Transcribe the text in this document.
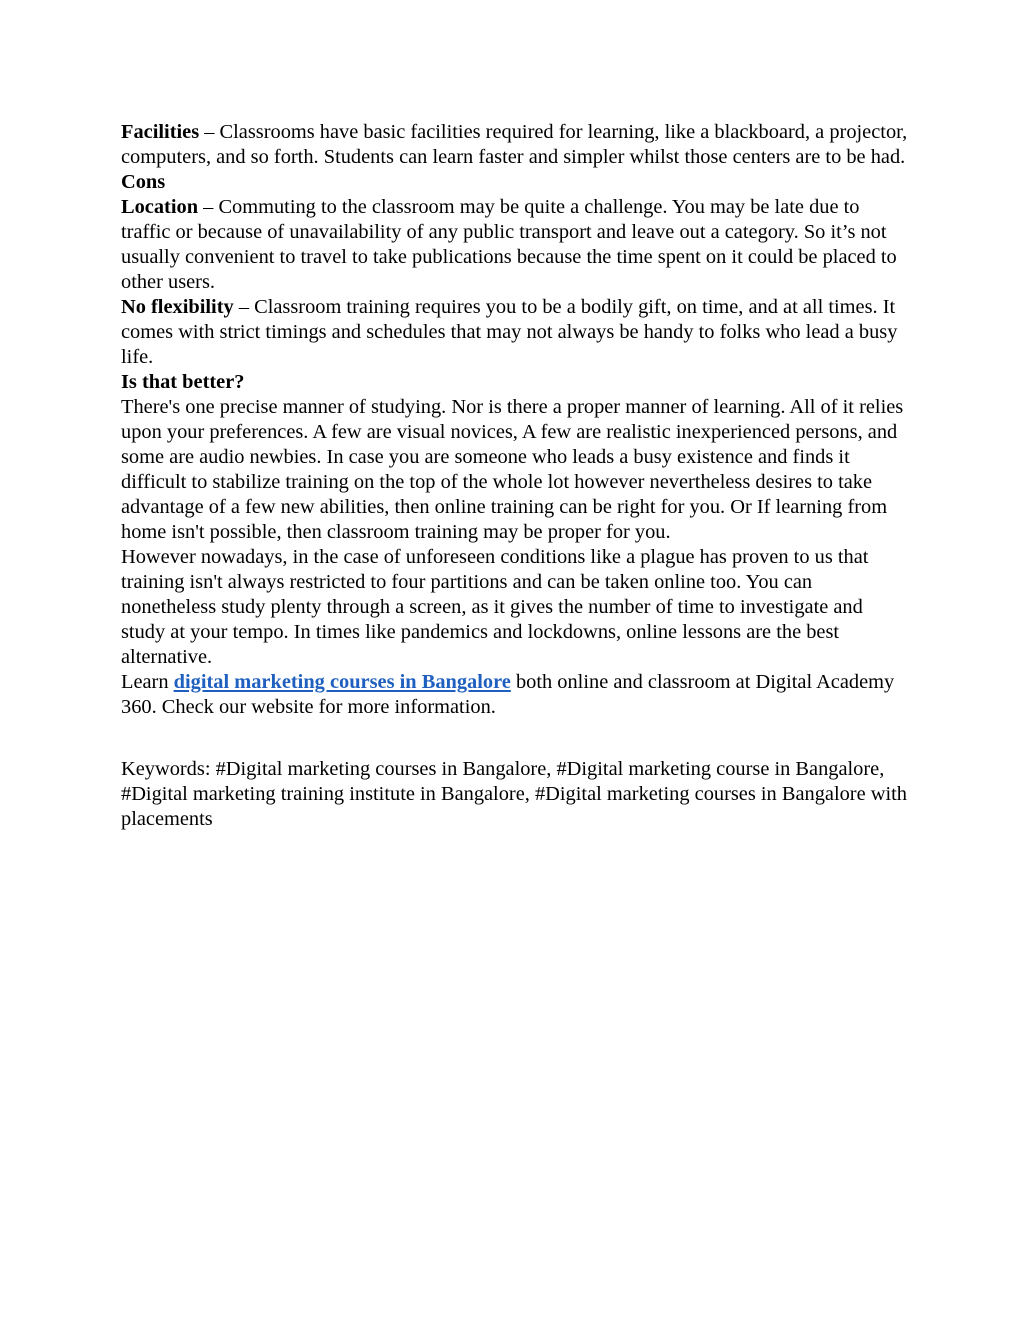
Facilities – Classrooms have basic facilities required for learning, like a blackboard, a projector, computers, and so forth. Students can learn faster and simpler whilst those centers are to be had.

Cons

Location – Commuting to the classroom may be quite a challenge. You may be late due to traffic or because of unavailability of any public transport and leave out a category. So it’s not usually convenient to travel to take publications because the time spent on it could be placed to other users.

No flexibility – Classroom training requires you to be a bodily gift, on time, and at all times. It comes with strict timings and schedules that may not always be handy to folks who lead a busy life.

Is that better?

There's one precise manner of studying. Nor is there a proper manner of learning. All of it relies upon your preferences. A few are visual novices, A few are realistic inexperienced persons, and some are audio newbies. In case you are someone who leads a busy existence and finds it difficult to stabilize training on the top of the whole lot however nevertheless desires to take advantage of a few new abilities, then online training can be right for you. Or If learning from home isn't possible, then classroom training may be proper for you.

However nowadays, in the case of unforeseen conditions like a plague has proven to us that training isn't always restricted to four partitions and can be taken online too. You can nonetheless study plenty through a screen, as it gives the number of time to investigate and study at your tempo. In times like pandemics and lockdowns, online lessons are the best alternative.

Learn digital marketing courses in Bangalore both online and classroom at Digital Academy 360. Check our website for more information.

Keywords: #Digital marketing courses in Bangalore, #Digital marketing course in Bangalore, #Digital marketing training institute in Bangalore, #Digital marketing courses in Bangalore with placements
